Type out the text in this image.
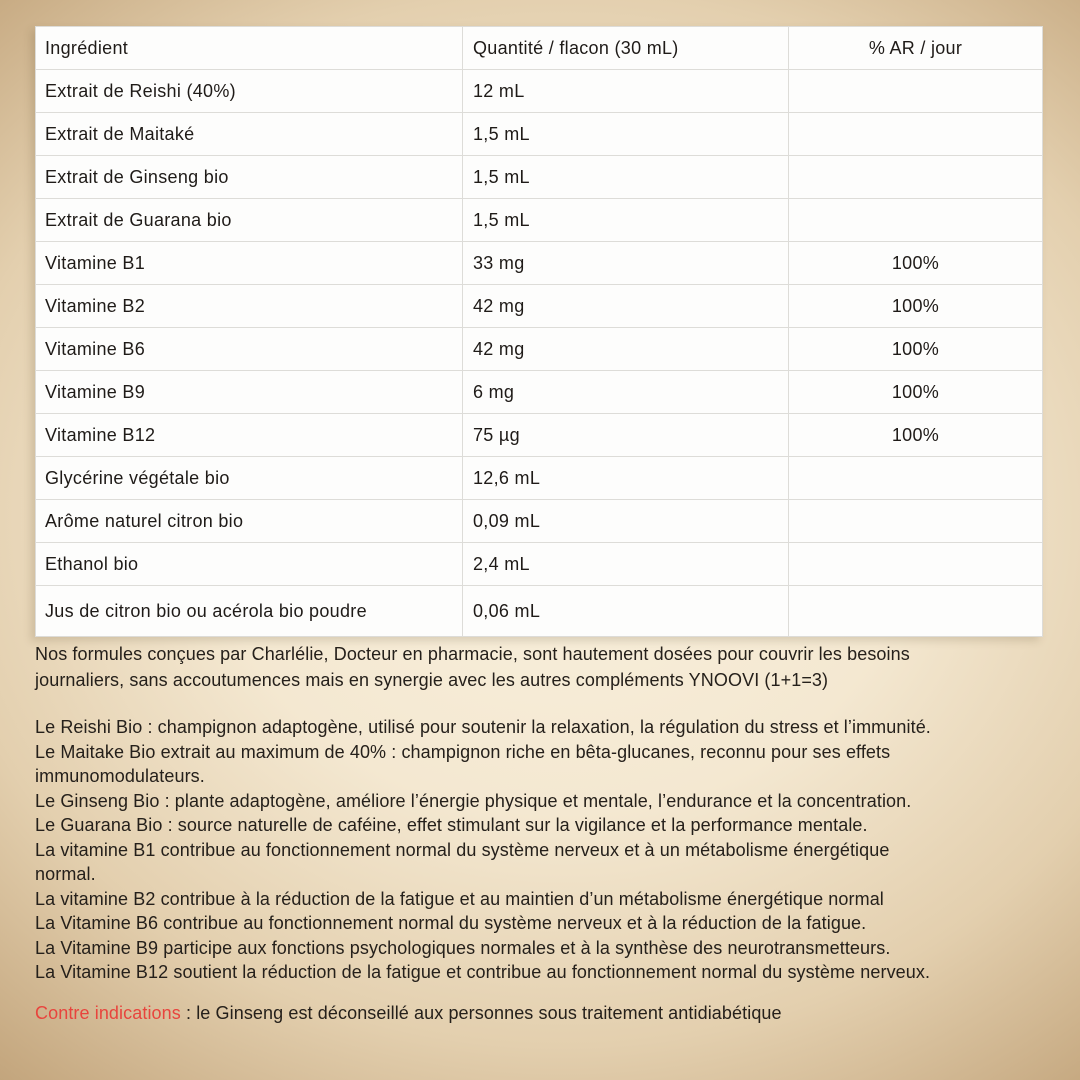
Ingrédient	Quantité / flacon (30 mL)	% AR / jour
Extrait de Reishi (40%)	12 mL	
Extrait de Maitaké	1,5 mL	
Extrait de Ginseng bio	1,5 mL	
Extrait de Guarana bio	1,5 mL	
Vitamine B1	33 mg	100%
Vitamine B2	42 mg	100%
Vitamine B6	42 mg	100%
Vitamine B9	6 mg	100%
Vitamine B12	75 µg	100%
Glycérine végétale bio	12,6 mL	
Arôme naturel citron bio	0,09 mL	
Ethanol bio	2,4 mL	
Jus de citron bio ou acérola bio poudre	0,06 mL	
Nos formules conçues par Charlélie, Docteur en pharmacie, sont hautement dosées pour couvrir les besoins
journaliers, sans accoutumences mais en synergie avec les autres compléments YNOOVI (1+1=3)
Le Reishi Bio : champignon adaptogène, utilisé pour soutenir la relaxation, la régulation du stress et l’immunité.
Le Maitake Bio extrait au maximum de 40% : champignon riche en bêta-glucanes, reconnu pour ses effets
immunomodulateurs.
Le Ginseng Bio : plante adaptogène, améliore l’énergie physique et mentale, l’endurance et la concentration.
Le Guarana Bio : source naturelle de caféine, effet stimulant sur la vigilance et la performance mentale.
La vitamine B1 contribue au fonctionnement normal du système nerveux et à un métabolisme énergétique
normal.
La vitamine B2 contribue à la réduction de la fatigue et au maintien d’un métabolisme énergétique normal
La Vitamine B6 contribue au fonctionnement normal du système nerveux et à la réduction de la fatigue.
La Vitamine B9 participe aux fonctions psychologiques normales et à la synthèse des neurotransmetteurs.
La Vitamine B12 soutient la réduction de la fatigue et contribue au fonctionnement normal du système nerveux.
Contre indications : le Ginseng est déconseillé aux personnes sous traitement antidiabétique
